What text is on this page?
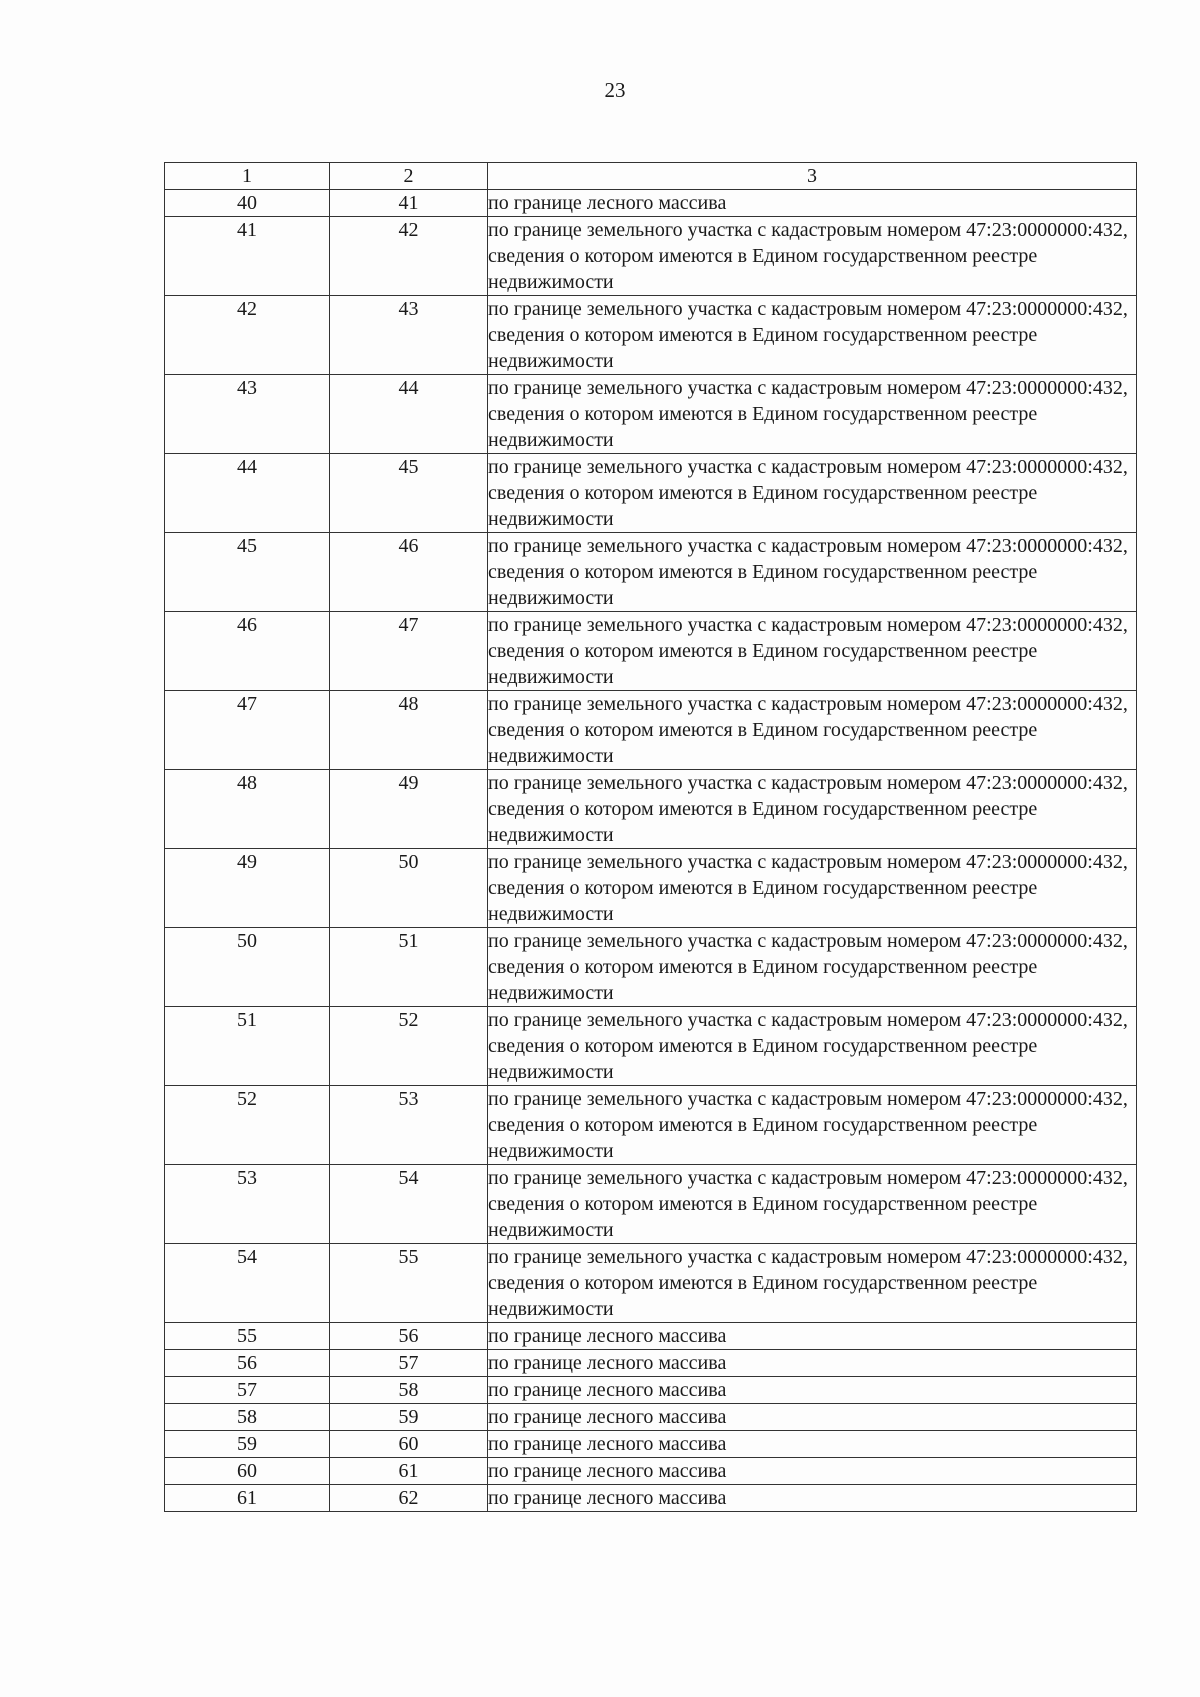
23
1	2	3
40	41	по границе лесного массива
41	42	по границе земельного участка с кадастровым номером 47:23:0000000:432, сведения о котором имеются в Едином государственном реестре недвижимости
42	43	по границе земельного участка с кадастровым номером 47:23:0000000:432, сведения о котором имеются в Едином государственном реестре недвижимости
43	44	по границе земельного участка с кадастровым номером 47:23:0000000:432, сведения о котором имеются в Едином государственном реестре недвижимости
44	45	по границе земельного участка с кадастровым номером 47:23:0000000:432, сведения о котором имеются в Едином государственном реестре недвижимости
45	46	по границе земельного участка с кадастровым номером 47:23:0000000:432, сведения о котором имеются в Едином государственном реестре недвижимости
46	47	по границе земельного участка с кадастровым номером 47:23:0000000:432, сведения о котором имеются в Едином государственном реестре недвижимости
47	48	по границе земельного участка с кадастровым номером 47:23:0000000:432, сведения о котором имеются в Едином государственном реестре недвижимости
48	49	по границе земельного участка с кадастровым номером 47:23:0000000:432, сведения о котором имеются в Едином государственном реестре недвижимости
49	50	по границе земельного участка с кадастровым номером 47:23:0000000:432, сведения о котором имеются в Едином государственном реестре недвижимости
50	51	по границе земельного участка с кадастровым номером 47:23:0000000:432, сведения о котором имеются в Едином государственном реестре недвижимости
51	52	по границе земельного участка с кадастровым номером 47:23:0000000:432, сведения о котором имеются в Едином государственном реестре недвижимости
52	53	по границе земельного участка с кадастровым номером 47:23:0000000:432, сведения о котором имеются в Едином государственном реестре недвижимости
53	54	по границе земельного участка с кадастровым номером 47:23:0000000:432, сведения о котором имеются в Едином государственном реестре недвижимости
54	55	по границе земельного участка с кадастровым номером 47:23:0000000:432, сведения о котором имеются в Едином государственном реестре недвижимости
55	56	по границе лесного массива
56	57	по границе лесного массива
57	58	по границе лесного массива
58	59	по границе лесного массива
59	60	по границе лесного массива
60	61	по границе лесного массива
61	62	по границе лесного массива
